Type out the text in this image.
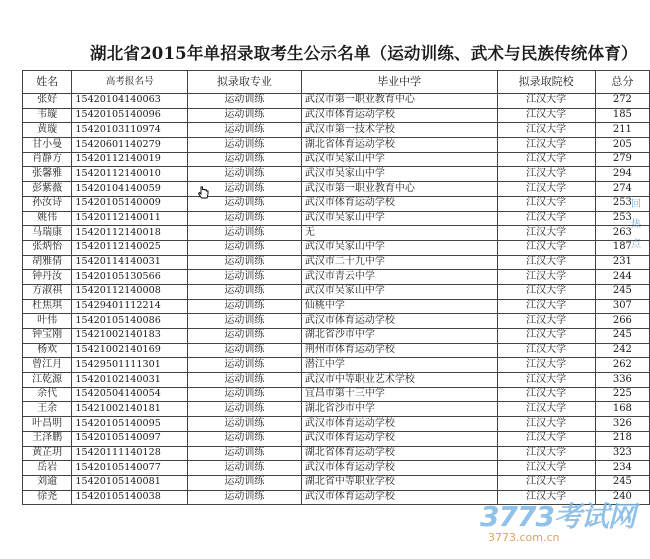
湖北省2015年单招录取考生公示名单（运动训练、武术与民族传统体育）
姓名	高考报名号	拟录取专业	毕业中学	拟录取院校	总分
张好	15420104140063	运动训练	武汉市第一职业教育中心	江汉大学	272
韦璇	15420105140096	运动训练	武汉市体育运动学校	江汉大学	185
黄璇	15420103110974	运动训练	武汉市第一技术学校	江汉大学	211
甘小曼	15420601140279	运动训练	湖北省体育运动学校	江汉大学	205
肖静方	15420112140019	运动训练	武汉市吴家山中学	江汉大学	279
张馨雅	15420112140010	运动训练	武汉市吴家山中学	江汉大学	294
彭紫薇	15420104140059	运动训练	武汉市第一职业教育中心	江汉大学	274
孙汝诗	15420105140009	运动训练	武汉市体育运动学校	江汉大学	253
姚伟	15420112140011	运动训练	武汉市吴家山中学	江汉大学	253
马瑞康	15420112140018	运动训练	无	江汉大学	263
张炳怡	15420112140025	运动训练	武汉市吴家山中学	江汉大学	187
胡雅倩	15420114140031	运动训练	武汉市二十九中学	江汉大学	231
钟丹汝	15420105130566	运动训练	武汉市青云中学	江汉大学	244
方淑祺	15420112140008	运动训练	武汉市吴家山中学	江汉大学	245
杜焦琪	15429401112214	运动训练	仙桃中学	江汉大学	307
叶伟	15420105140086	运动训练	武汉市体育运动学校	江汉大学	266
钟宝刚	15421002140183	运动训练	湖北省沙市中学	江汉大学	245
杨欢	15421002140169	运动训练	荆州市体育运动学校	江汉大学	242
曾江月	15429501111301	运动训练	潜江中学	江汉大学	262
江乾源	15420102140031	运动训练	武汉市中等职业艺术学校	江汉大学	336
余代	15420504140054	运动训练	宜昌市第十三中学	江汉大学	225
王余	15421002140181	运动训练	湖北省沙市中学	江汉大学	168
叶昌明	15420105140095	运动训练	武汉市体育运动学校	江汉大学	326
王泽鹏	15420105140097	运动训练	武汉市体育运动学校	江汉大学	218
黄芷玥	15420111140128	运动训练	湖北省体育运动学校	江汉大学	323
岳岩	15420105140077	运动训练	武汉市体育运动学校	江汉大学	234
刘逾	15420105140081	运动训练	湖北省中等职业学校	江汉大学	245
徐尧	15420105140038	运动训练	武汉市体育运动学校	江汉大学	240
回
热
点
3773考试网
3773.com.cn
